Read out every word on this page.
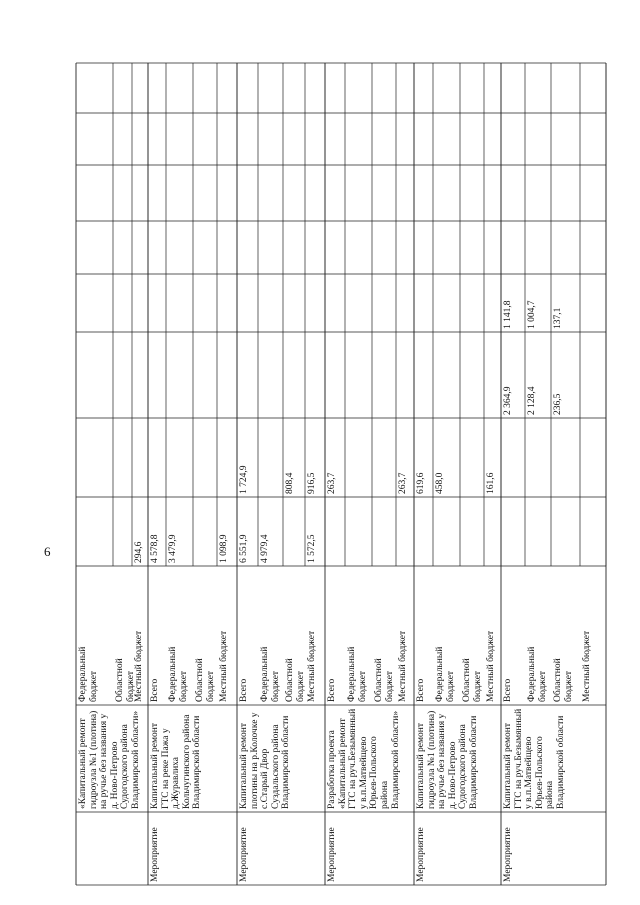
6
«Капитальный ремонт
гидроузла №1 (плотина)
на ручье без названия у
д. Ново-Петрово
Судогодского района
Владимирской области»
Федеральный
бюджет	Областной
бюджет
Местный бюджет
294,6
Мероприятие
Капитальный ремонт
ГТС на реке Пажа у
д.Журавлиха
Кольчугинского района
Владимирской области
Всего
4 578,8
Федеральный
бюджет
3 479,9
Областной
бюджет Местный бюджет
1 098,9
Мероприятие
Капитальный ремонт
плотины на р.Колочке у
с.Старый Двор
Суздальского района
Владимирской области
Всего
6 551,9
1 724,9
Федеральный
бюджет
4 979,4
Областной
бюджет
808,4
Местный бюджет
1 572,5
916,5
Мероприятие
Разработка проекта
«Капитальный ремонт
ГТС на руч.Безымянный
у в.п.Матвейщево
Юрьев-Польского района
Владимирской области»
Всего
263,7
Федеральный
бюджет Областной
бюджет Местный бюджет
263,7
Мероприятие
Капитальный ремонт
гидроузла №1 (плотина)
на ручье без названия у
д. Ново-Петрово
Судогодского района
Владимирской области
Всего
619,6
Федеральный
бюджет
458,0
Областной
бюджет Местный бюджет
161,6
Мероприятие
Капитальный ремонт
ГТС на руч.Безымянный
у в.п.Матвейщево
Юрьев-Польского района
Владимирской области
Всего
2 364,9
1 141,8
Федеральный
бюджет
2 128,4
1 004,7
Областной
бюджет
236,5
137,1
Местный бюджет
